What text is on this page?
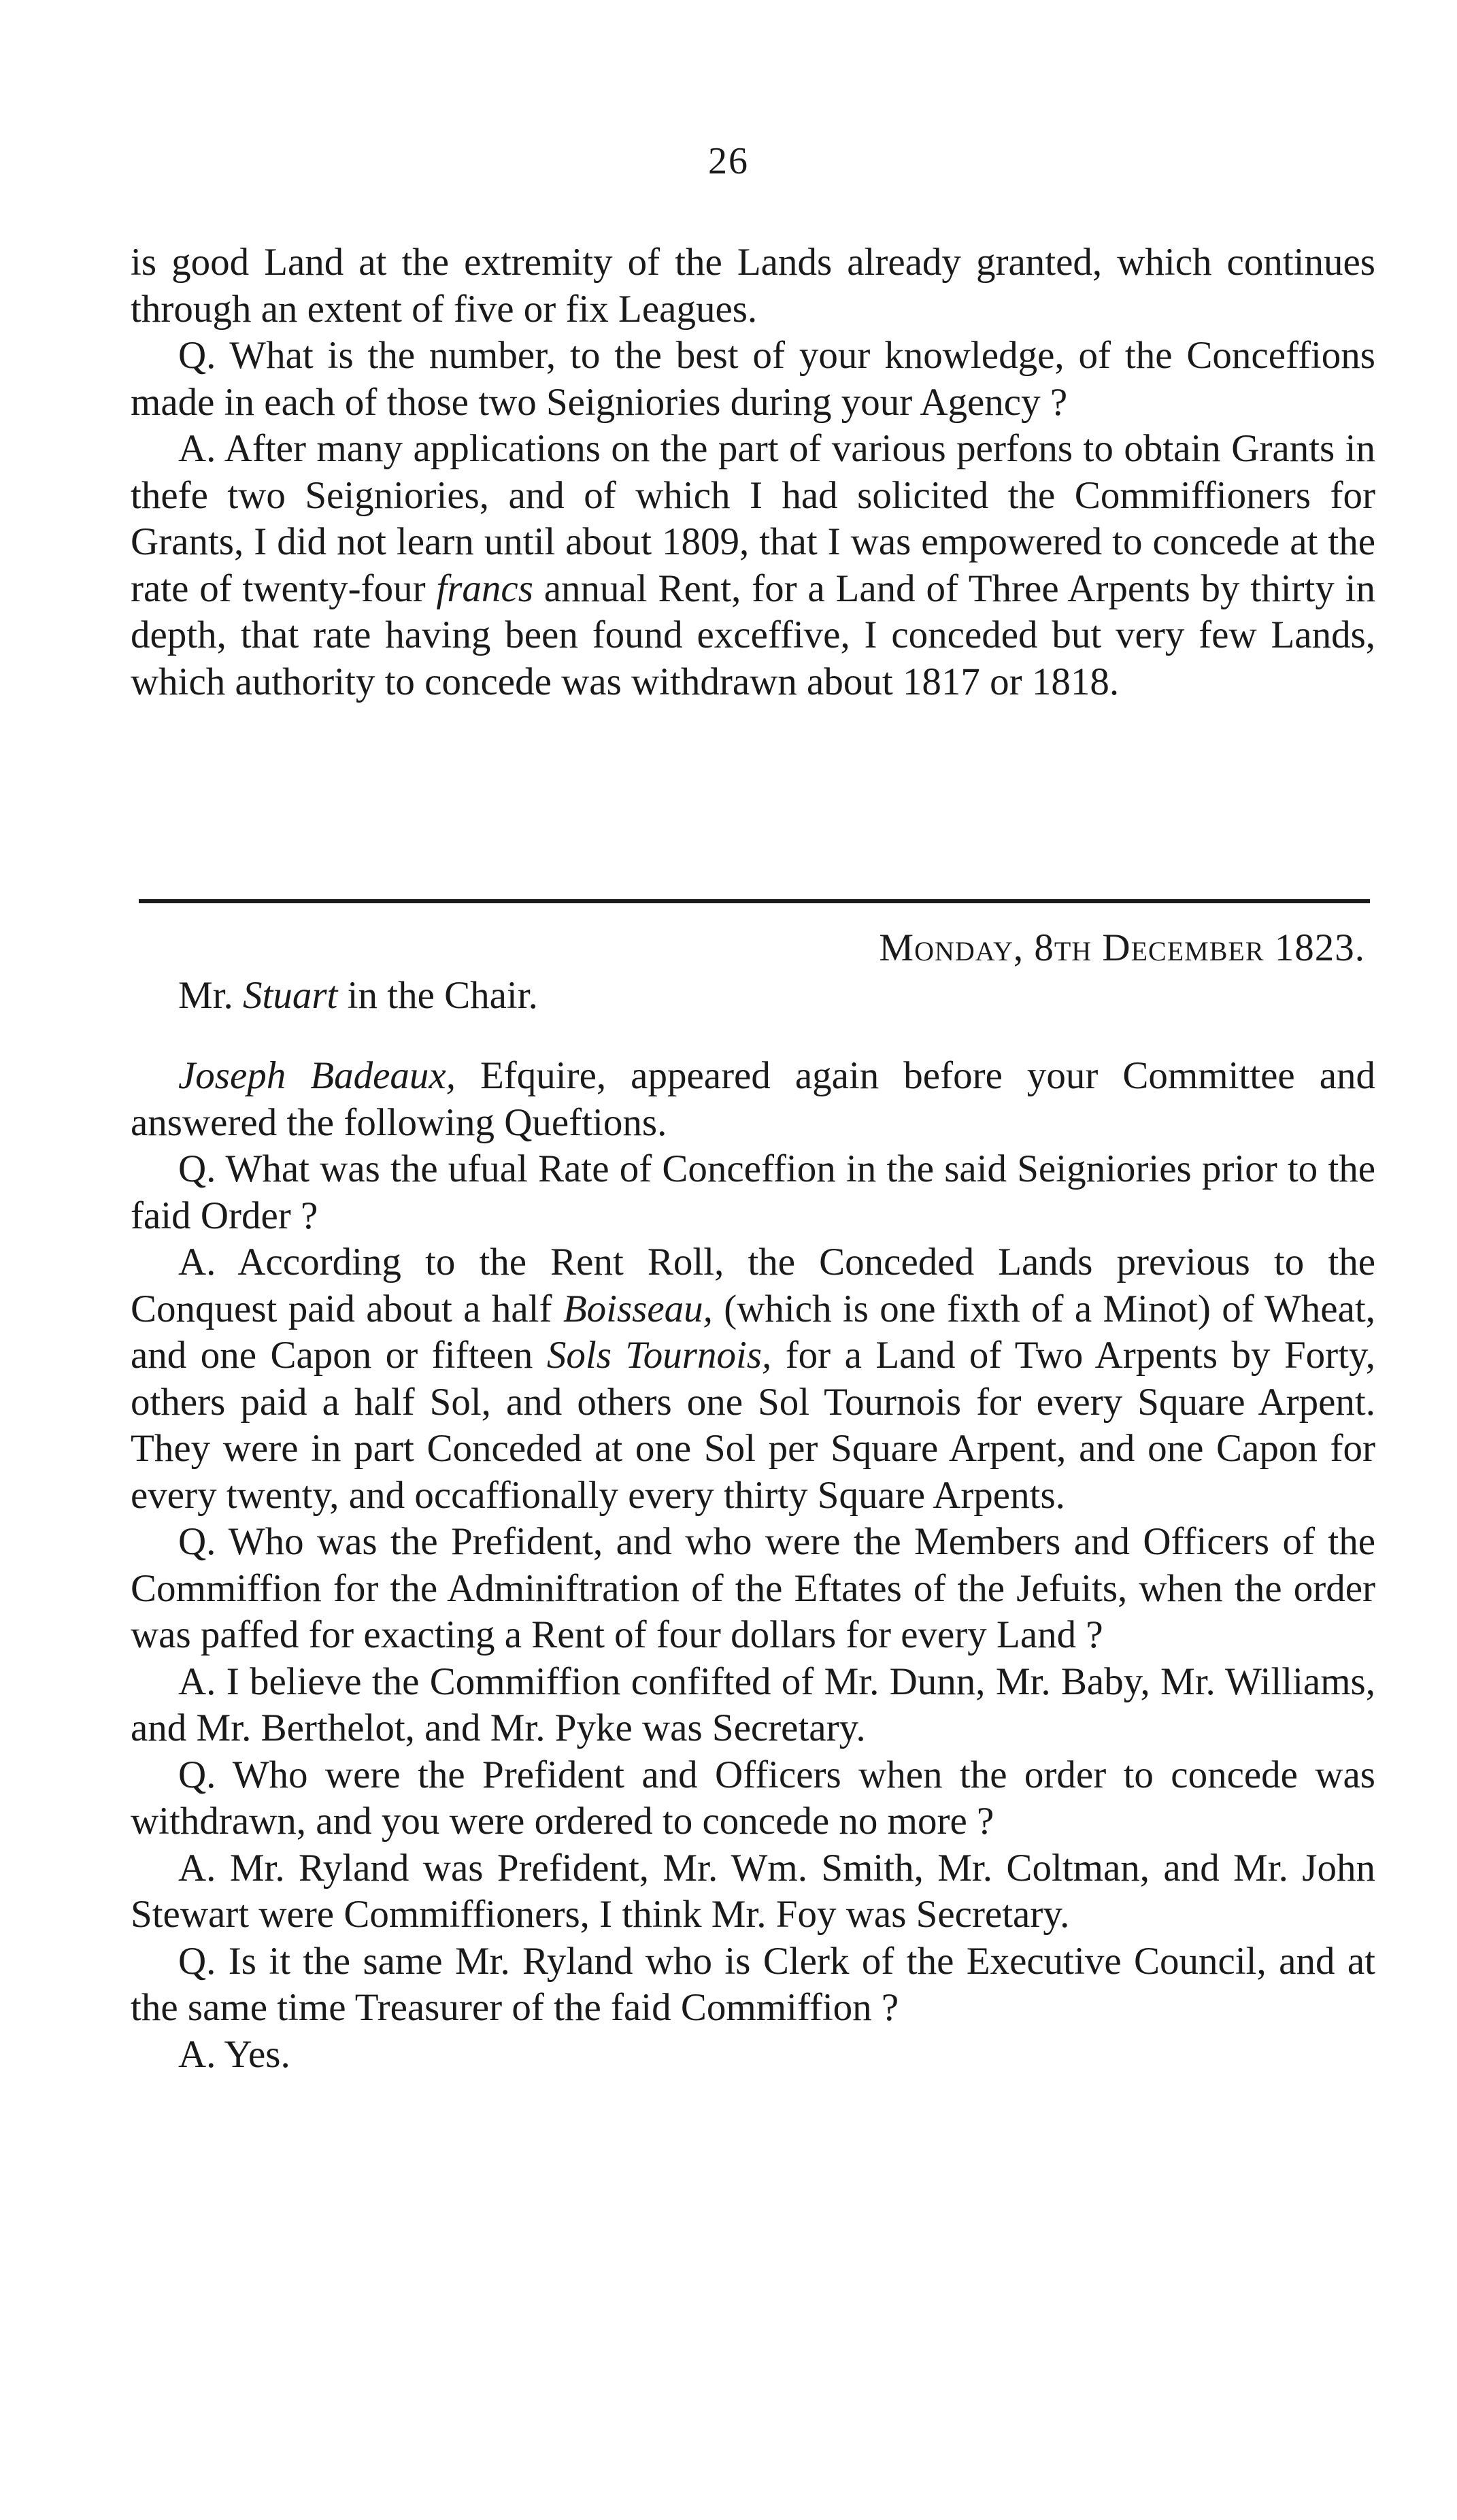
26

is good Land at the extremity of the Lands already granted, which continues through an extent of five or fix Leagues.

Q. What is the number, to the best of your knowledge, of the Conceffions made in each of those two Seigniories during your Agency ?

A. After many applications on the part of various perfons to obtain Grants in thefe two Seigniories, and of which I had solicited the Commiffioners for Grants, I did not learn until about 1809, that I was empowered to concede at the rate of twenty-four francs annual Rent, for a Land of Three Arpents by thirty in depth, that rate having been found exceffive, I conceded but very few Lands, which authority to concede was withdrawn about 1817 or 1818.

Monday, 8th December 1823.
Mr. Stuart in the Chair.

Joseph Badeaux, Efquire, appeared again before your Committee and answered the following Queftions.

Q. What was the ufual Rate of Conceffion in the said Seigniories prior to the faid Order ?

A. According to the Rent Roll, the Conceded Lands previous to the Conquest paid about a half Boisseau, (which is one fixth of a Minot) of Wheat, and one Capon or fifteen Sols Tournois, for a Land of Two Arpents by Forty, others paid a half Sol, and others one Sol Tournois for every Square Arpent. They were in part Conceded at one Sol per Square Arpent, and one Capon for every twenty, and occaffionally every thirty Square Arpents.

Q. Who was the Prefident, and who were the Members and Officers of the Commiffion for the Adminiftration of the Eftates of the Jefuits, when the order was paffed for exacting a Rent of four dollars for every Land ?

A. I believe the Commiffion confifted of Mr. Dunn, Mr. Baby, Mr. Williams, and Mr. Berthelot, and Mr. Pyke was Secretary.

Q. Who were the Prefident and Officers when the order to concede was withdrawn, and you were ordered to concede no more ?

A. Mr. Ryland was Prefident, Mr. Wm. Smith, Mr. Coltman, and Mr. John Stewart were Commiffioners, I think Mr. Foy was Secretary.

Q. Is it the same Mr. Ryland who is Clerk of the Executive Council, and at the same time Treasurer of the faid Commiffion ?

A. Yes.
